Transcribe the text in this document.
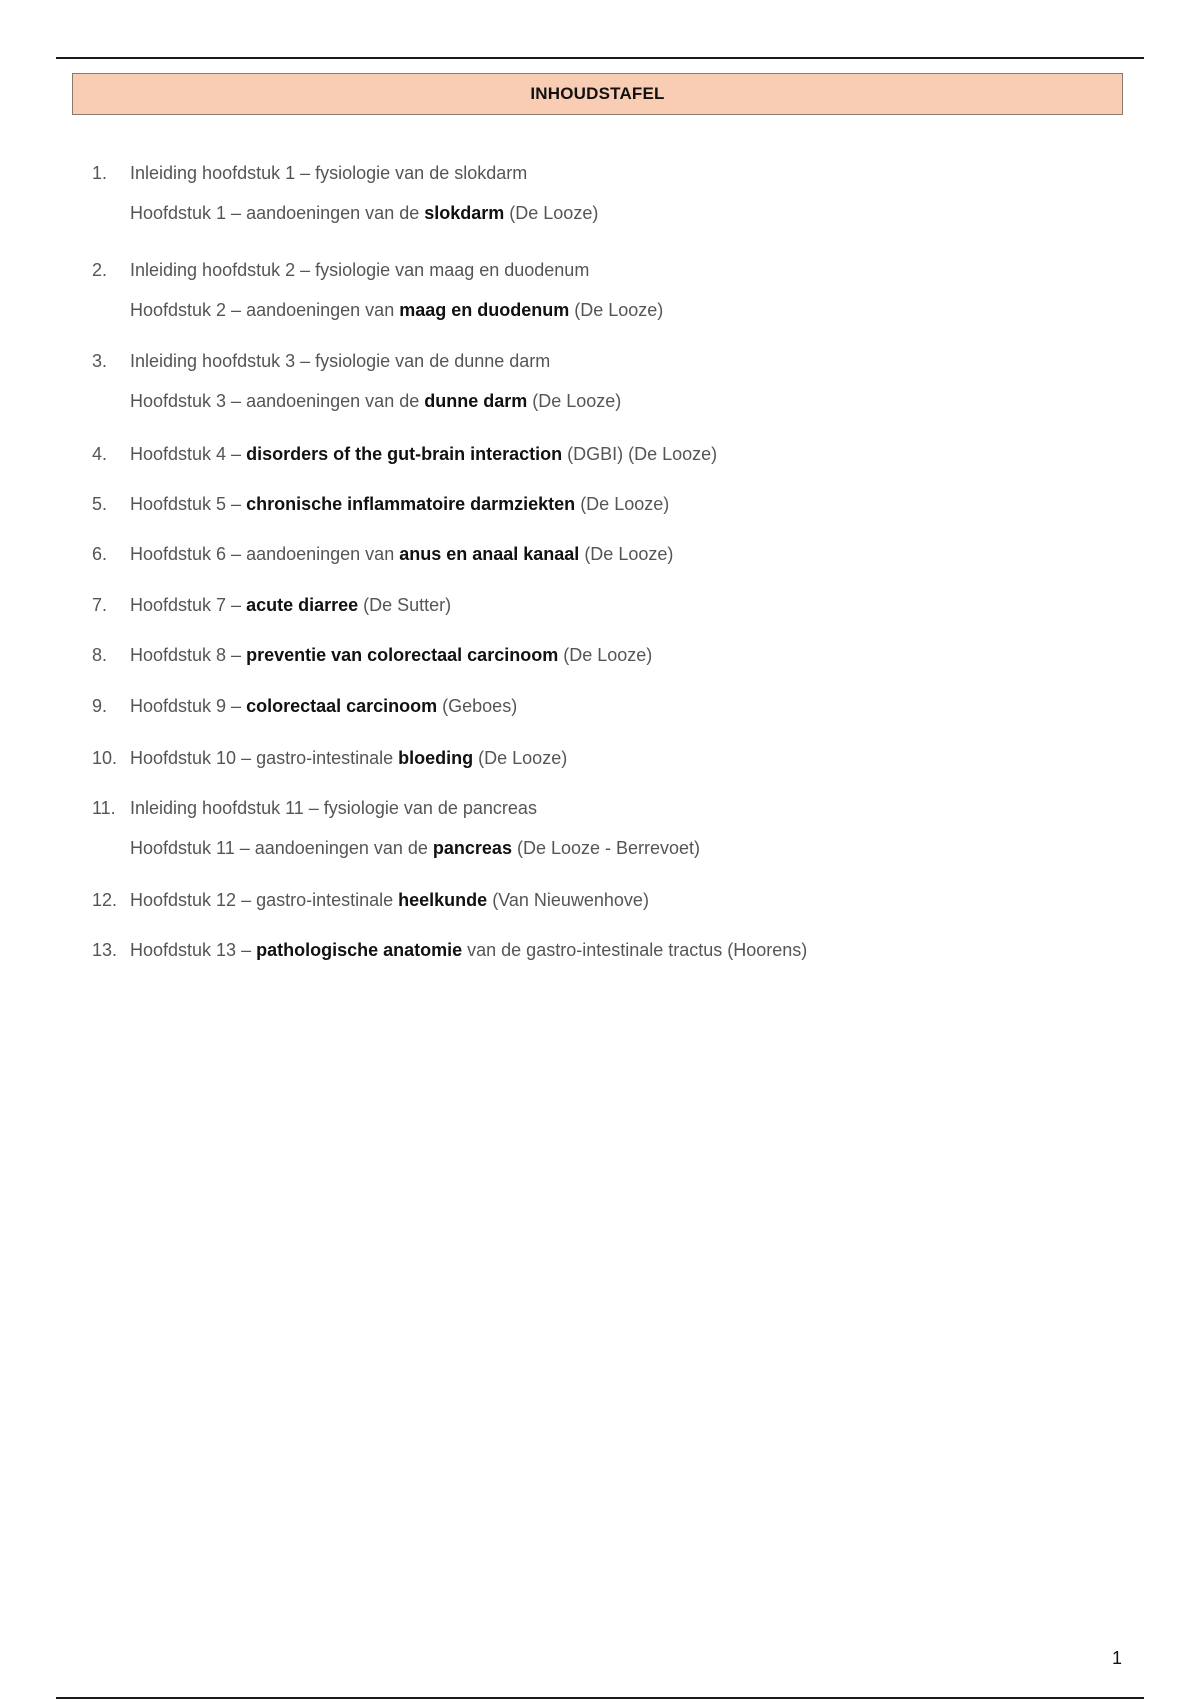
INHOUDSTAFEL
1. Inleiding hoofdstuk 1 – fysiologie van de slokdarm
Hoofdstuk 1 – aandoeningen van de slokdarm (De Looze)
2. Inleiding hoofdstuk 2 – fysiologie van maag en duodenum
Hoofdstuk 2 – aandoeningen van maag en duodenum (De Looze)
3. Inleiding hoofdstuk 3 – fysiologie van de dunne darm
Hoofdstuk 3 – aandoeningen van de dunne darm (De Looze)
4. Hoofdstuk 4 – disorders of the gut-brain interaction (DGBI) (De Looze)
5. Hoofdstuk 5 – chronische inflammatoire darmziekten (De Looze)
6. Hoofdstuk 6 – aandoeningen van anus en anaal kanaal (De Looze)
7. Hoofdstuk 7 – acute diarree (De Sutter)
8. Hoofdstuk 8 – preventie van colorectaal carcinoom (De Looze)
9. Hoofdstuk 9 – colorectaal carcinoom (Geboes)
10. Hoofdstuk 10 – gastro-intestinale bloeding (De Looze)
11. Inleiding hoofdstuk 11 – fysiologie van de pancreas
Hoofdstuk 11 – aandoeningen van de pancreas (De Looze - Berrevoet)
12. Hoofdstuk 12 – gastro-intestinale heelkunde (Van Nieuwenhove)
13. Hoofdstuk 13 – pathologische anatomie van de gastro-intestinale tractus (Hoorens)
1
